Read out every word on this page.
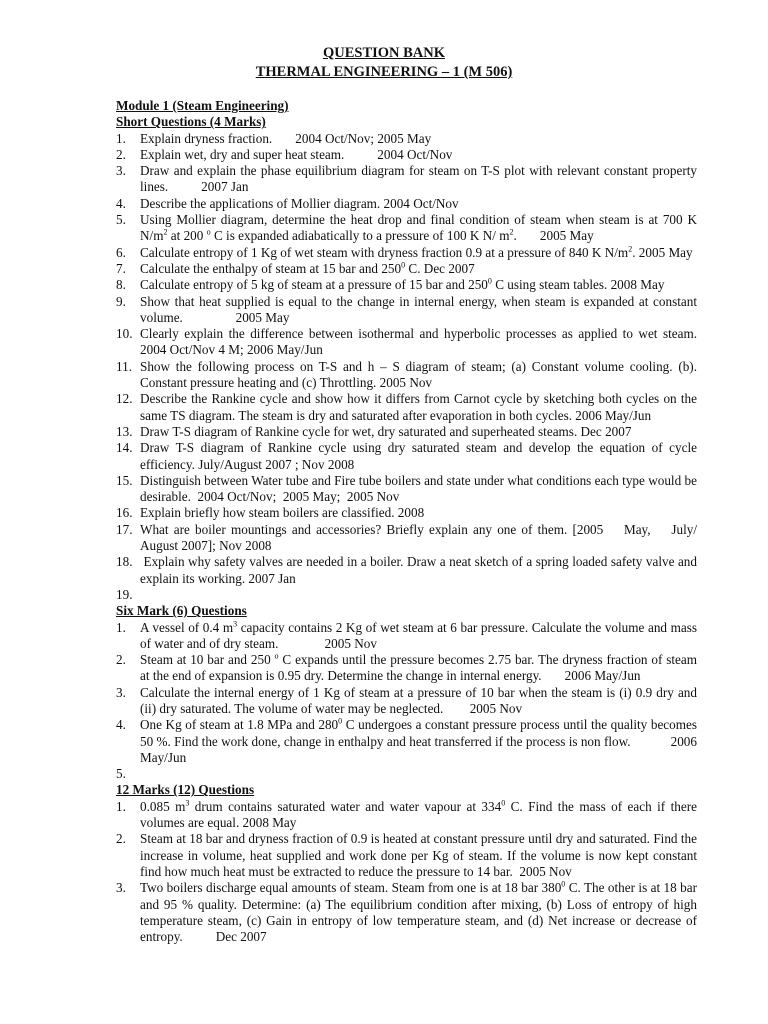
QUESTION BANK
THERMAL ENGINEERING – 1 (M 506)
Module 1 (Steam Engineering)
Short Questions (4 Marks)
1.	Explain dryness fraction.       2004 Oct/Nov; 2005 May
2.	Explain wet, dry and super heat steam.          2004 Oct/Nov
3.	Draw and explain the phase equilibrium diagram for steam on T-S plot with relevant constant property lines.          2007 Jan
4.	Describe the applications of Mollier diagram. 2004 Oct/Nov
5.	Using Mollier diagram, determine the heat drop and final condition of steam when steam is at 700 K $N/m^2$ at 200 $^o$ C is expanded adiabatically to a pressure of 100 K N/ $m^2$.       2005 May
6.	Calculate entropy of 1 Kg of wet steam with dryness fraction 0.9 at a pressure of 840 K $N/m^2$. 2005 May
7.	Calculate the enthalpy of steam at 15 bar and $250^0$ C. Dec 2007
8.	Calculate entropy of 5 kg of steam at a pressure of 15 bar and $250^0$ C using steam tables. 2008 May
9.	Show that heat supplied is equal to the change in internal energy, when steam is expanded at constant volume.                2005 May
10. Clearly explain the difference between isothermal and hyperbolic processes as applied to wet steam. 2004 Oct/Nov 4 M; 2006 May/Jun
11. Show the following process on T-S and h – S diagram of steam; (a) Constant volume cooling. (b). Constant pressure heating and (c) Throttling. 2005 Nov
12. Describe the Rankine cycle and show how it differs from Carnot cycle by sketching both cycles on the same TS diagram. The steam is dry and saturated after evaporation in both cycles. 2006 May/Jun
13. Draw T-S diagram of Rankine cycle for wet, dry saturated and superheated steams. Dec 2007
14. Draw T-S diagram of Rankine cycle using dry saturated steam and develop the equation of cycle efficiency. July/August 2007 ; Nov 2008
15. Distinguish between Water tube and Fire tube boilers and state under what conditions each type would be desirable.  2004 Oct/Nov;  2005 May;  2005 Nov
16. Explain briefly how steam boilers are classified. 2008
17. What are boiler mountings and accessories? Briefly explain any one of them. [2005    May,    July/ August 2007]; Nov 2008
18. Explain why safety valves are needed in a boiler. Draw a neat sketch of a spring loaded safety valve and explain its working. 2007 Jan
19.
Six Mark (6) Questions
1.	A vessel of 0.4 $m^3$ capacity contains 2 Kg of wet steam at 6 bar pressure. Calculate the volume and mass of water and of dry steam.              2005 Nov
2.	Steam at 10 bar and 250 $^o$ C expands until the pressure becomes 2.75 bar. The dryness fraction of steam at the end of expansion is 0.95 dry. Determine the change in internal energy.       2006 May/Jun
3.	Calculate the internal energy of 1 Kg of steam at a pressure of 10 bar when the steam is (i) 0.9 dry and (ii) dry saturated. The volume of water may be neglected.        2005 Nov
4.	One Kg of steam at 1.8 MPa and $280^0$ C undergoes a constant pressure process until the quality becomes 50 %. Find the work done, change in enthalpy and heat transferred if the process is non flow.            2006 May/Jun
5.
12 Marks (12) Questions
1.	0.085 $m^3$ drum contains saturated water and water vapour at $334^0$ C. Find the mass of each if there volumes are equal. 2008 May
2.	Steam at 18 bar and dryness fraction of 0.9 is heated at constant pressure until dry and saturated. Find the increase in volume, heat supplied and work done per Kg of steam. If the volume is now kept constant find how much heat must be extracted to reduce the pressure to 14 bar.  2005 Nov
3.	Two boilers discharge equal amounts of steam. Steam from one is at 18 bar $380^0$ C. The other is at 18 bar and 95 % quality. Determine: (a) The equilibrium condition after mixing, (b) Loss of entropy of high temperature steam, (c) Gain in entropy of low temperature steam, and (d) Net increase or decrease of entropy.          Dec 2007
